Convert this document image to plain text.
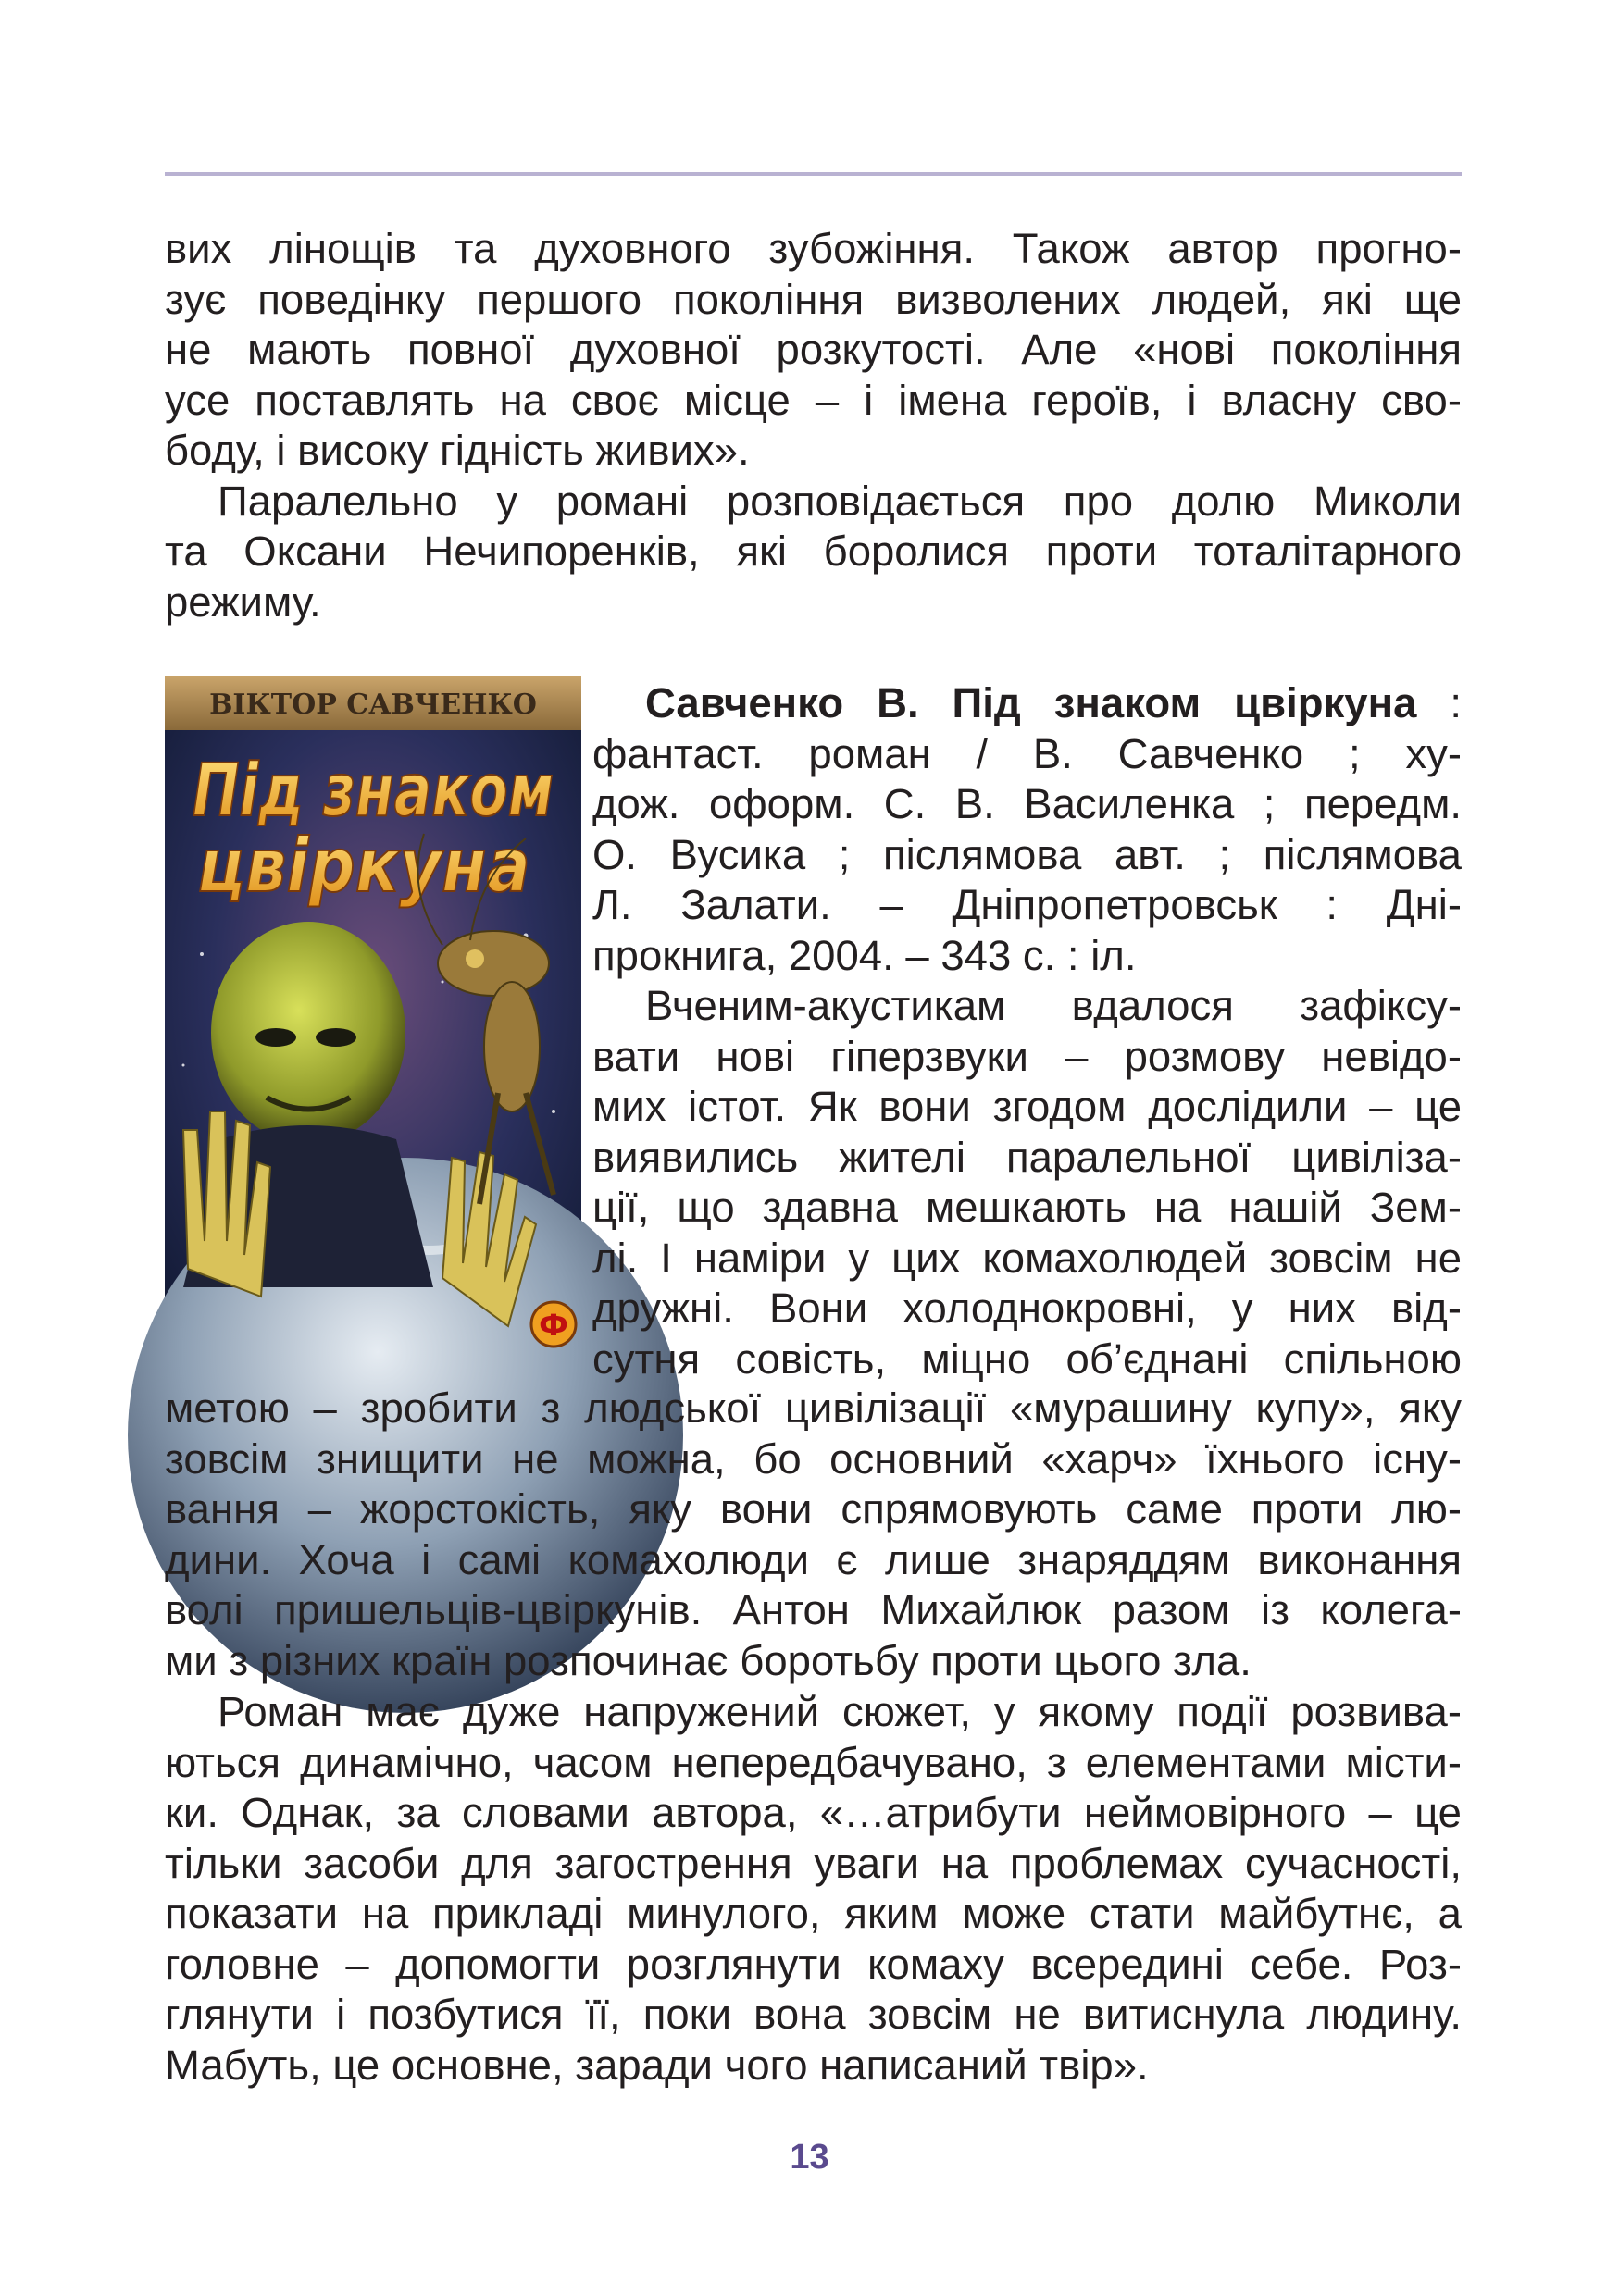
вих лінощів та духовного зубожіння. Також автор прогно-

зує поведінку першого покоління визволених людей, які ще

не мають повної духовної розкутості. Але «нові покоління

усе поставлять на своє місце – і імена героїв, і власну сво-

боду, і високу гідність живих».

Паралельно у романі розповідається про долю Миколи

та Оксани Нечипоренків, які боролися проти тоталітарного

режиму.

ВІКТОР САВЧЕНКО
Під знаком
цвіркуна
Ф

Савченко В. Під знаком цвіркуна :

фантаст. роман / В. Савченко ; ху-

дож. оформ. С. В. Василенка ; передм.

О. Вусика ; післямова авт. ; післямова

Л. Залати. – Дніпропетровськ : Дні-

прокнига, 2004. – 343 с. : іл.

Вченим-акустикам вдалося зафіксу-

вати нові гіперзвуки – розмову невідо-

мих істот. Як вони згодом дослідили – це

виявились жителі паралельної цивіліза-

ції, що здавна мешкають на нашій Зем-

лі. І наміри у цих комахолюдей зовсім не

дружні. Вони холоднокровні, у них від-

сутня совість, міцно об’єднані спільною

метою – зробити з людської цивілізації «мурашину купу», яку

зовсім знищити не можна, бо основний «харч» їхнього існу-

вання – жорстокість, яку вони спрямовують саме проти лю-

дини. Хоча і самі комахолюди є лише знаряддям виконання

волі пришельців-цвіркунів. Антон Михайлюк разом із колега-

ми з різних країн розпочинає боротьбу проти цього зла.

Роман має дуже напружений сюжет, у якому події розвива-

ються динамічно, часом непередбачувано, з елементами місти-

ки. Однак, за словами автора, «…атрибути неймовірного – це

тільки засоби для загострення уваги на проблемах сучасності,

показати на прикладі минулого, яким може стати майбутнє, а

головне – допомогти розглянути комаху всередині себе. Роз-

глянути і позбутися її, поки вона зовсім не витиснула людину.

Мабуть, це основне, заради чого написаний твір».

13
